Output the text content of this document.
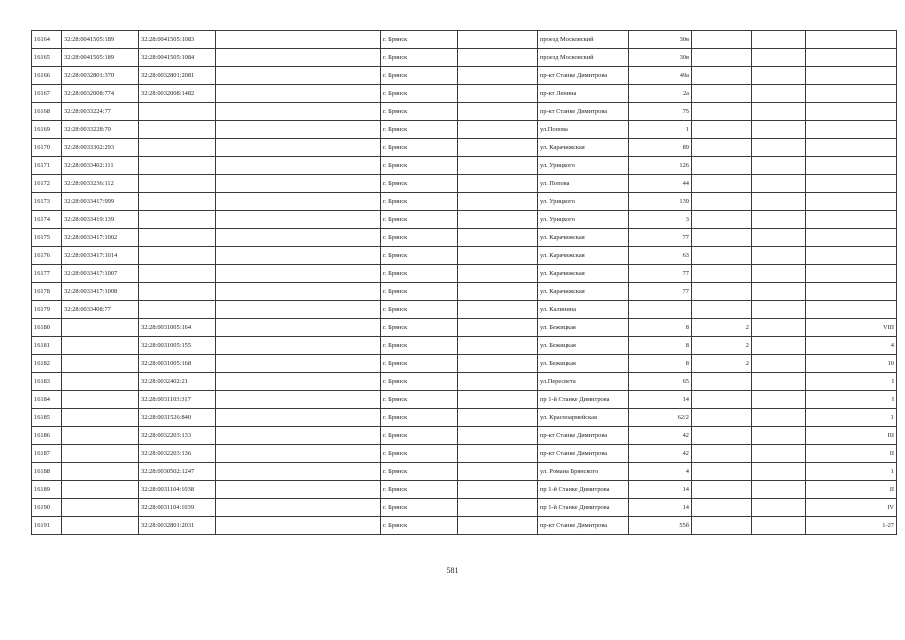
16164	32:28:0041505:189	32:28:0041505:1083		г. Брянск		проезд Московский	30в			
16165	32:28:0041505:189	32:28:0041505:1084		г. Брянск		проезд Московский	30в			
16166	32:28:0032801:370	32:28:0032801:2081		г. Брянск		пр-кт Станке Димитрова	49а			
16167	32:28:0032008:774	32:28:0032008:1482		г. Брянск		пр-кт Ленина	2а			
16168	32:28:0033224:77			г. Брянск		пр-кт Станке Димитрова	75			
16169	32:28:0033228:70			г. Брянск		ул.Попова	1			
16170	32:28:0033302:293			г. Брянск		ул. Карачижская	89			
16171	32:28:0033402:111			г. Брянск		ул. Урицкого	126			
16172	32:28:0033236:112			г. Брянск		ул. Попова	44			
16173	32:28:0033417:999			г. Брянск		ул. Урицкого	139			
16174	32:28:0033419:139			г. Брянск		ул. Урицкого	3			
16175	32:28:0033417:1002			г. Брянск		ул. Карачижская	77			
16176	32:28:0033417:1014			г. Брянск		ул. Карачижская	63			
16177	32:28:0033417:1007			г. Брянск		ул. Карачижская	77			
16178	32:28:0033417:1008			г. Брянск		ул. Карачижская	77			
16179	32:28:0033408:77			г. Брянск		ул. Калинина				
16180		32:28:0031005:164		г. Брянск		ул. Бежицкая	8	2		VIII
16181		32:28:0031005:155		г. Брянск		ул. Бежицкая	8	2		4
16182		32:28:0031005:168		г. Брянск		ул. Бежицкая	8	2		10
16183		32:28:0032402:21		г. Брянск		ул.Пересвета	65			I
16184		32:28:0031103:317		г. Брянск		пр 1-й Станке Димитрова	14			I
16185		32:28:0031526:840		г. Брянск		ул. Красноармейская	62/2			1
16186		32:28:0032203:133		г. Брянск		пр-кт Станке Димитрова	42			III
16187		32:28:0032203:136		г. Брянск		пр-кт Станке Димитрова	42			II
16188		32:28:0030502:1247		г. Брянск		ул. Романа Брянского	4			1
16189		32:28:0031104:1038		г. Брянск		пр 1-й Станке Димитрова	14			II
16190		32:28:0031104:1039		г. Брянск		пр 1-й Станке Димитрова	14			IV
16191		32:28:0032801:2031		г. Брянск		пр-кт Станке Димитрова	55б			1-27
581
